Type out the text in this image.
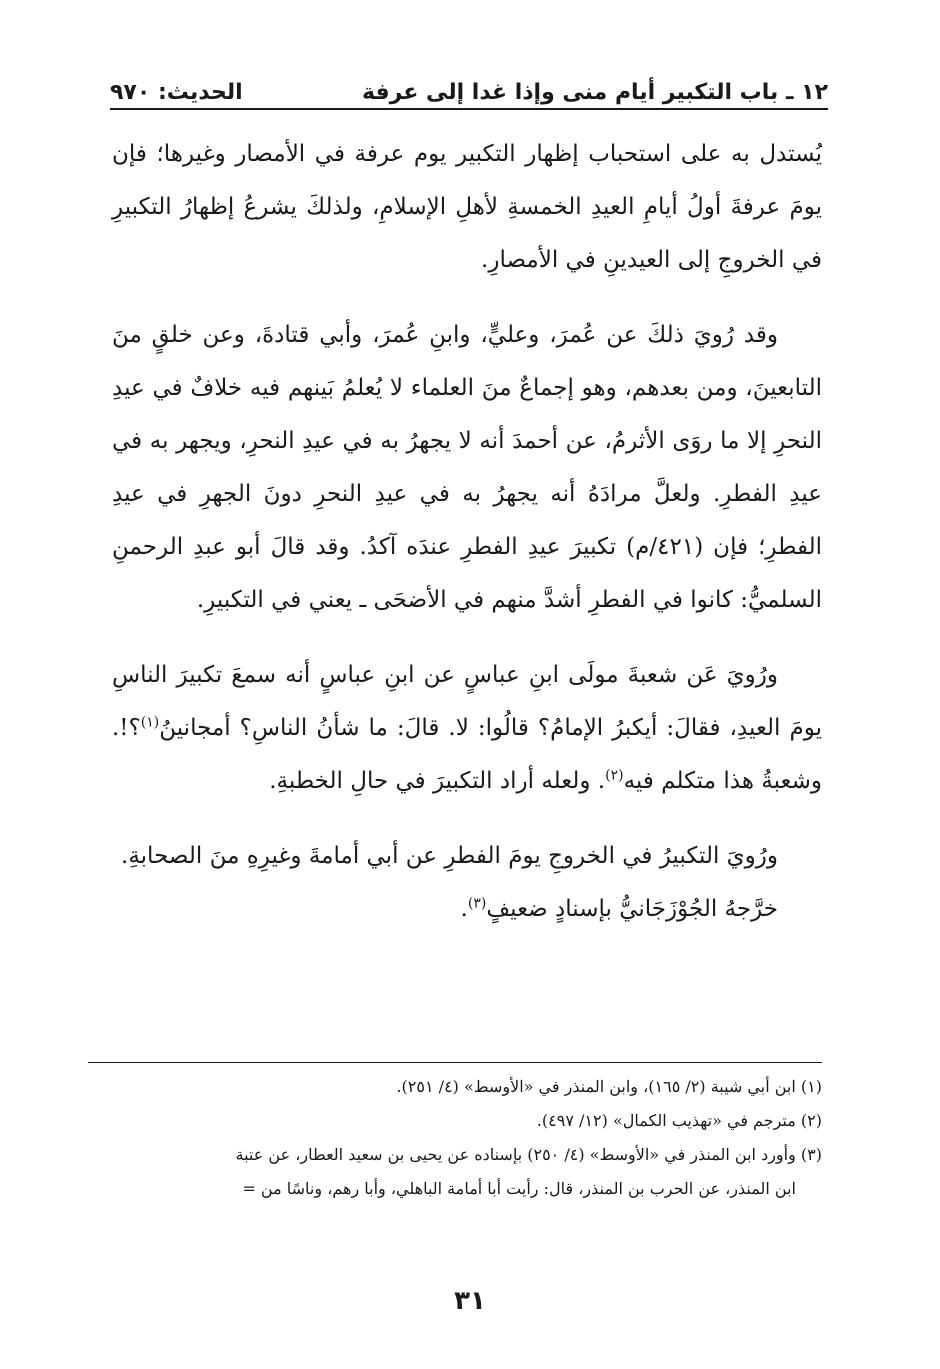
١٢ ـ باب التكبير أيام منى وإذا غدا إلى عرفة
الحديث: ٩٧٠

يُستدل به على استحباب إظهار التكبير يوم عرفة في الأمصار وغيرها؛ فإن يومَ عرفةَ أولُ أيامِ العيدِ الخمسةِ لأهلِ الإسلامِ، ولذلكَ يشرعُ إظهارُ التكبيرِ في الخروجِ إلى العيدينِ في الأمصارِ.

وقد رُويَ ذلكَ عن عُمرَ، وعليٍّ، وابنِ عُمرَ، وأبي قتادةَ، وعن خلقٍ منَ التابعينَ، ومن بعدهم، وهو إجماعٌ منَ العلماء لا يُعلمُ بَينهم فيه خلافٌ في عيدِ النحرِ إلا ما روَى الأثرمُ، عن أحمدَ أنه لا يجهرُ به في عيدِ النحرِ، ويجهر به في عيدِ الفطرِ. ولعلَّ مرادَهُ أنه يجهرُ به في عيدِ النحرِ دونَ الجهرِ في عيدِ الفطرِ؛ فإن (٤٢١/م) تكبيرَ عيدِ الفطرِ عندَه آكدُ. وقد قالَ أبو عبدِ الرحمنِ السلميُّ: كانوا في الفطرِ أشدَّ منهم في الأضحَى ـ يعني في التكبيرِ.

ورُويَ عَن شعبةَ مولَى ابنِ عباسٍ عن ابنِ عباسٍ أنه سمعَ تكبيرَ الناسِ يومَ العيدِ، فقالَ: أيكبرُ الإمامُ؟ قالُوا: لا. قالَ: ما شأنُ الناسِ؟ أمجانينُ$^{(١)}$؟!. وشعبةُ هذا متكلم فيه$^{(٢)}$. ولعله أراد التكبيرَ في حالِ الخطبةِ.

ورُويَ التكبيرُ في الخروجِ يومَ الفطرِ عن أبي أمامةَ وغيرِهِ منَ الصحابةِ.

خرَّجهُ الجُوْزَجَانيُّ بإسنادٍ ضعيفٍ$^{(٣)}$.

(١) ابن أبي شيبة (٢/ ١٦٥)، وابن المنذر في «الأوسط» (٤/ ٢٥١).

(٢) مترجم في «تهذيب الكمال» (١٢/ ٤٩٧).

(٣) وأورد ابن المنذر في «الأوسط» (٤/ ٢٥٠) بإسناده عن يحيى بن سعيد العطار، عن عتبة

ابن المنذر، عن الحرب بن المنذر، قال: رأيت أبا أمامة الباهلي، وأبا رهم، وناسًا من =

٣١
